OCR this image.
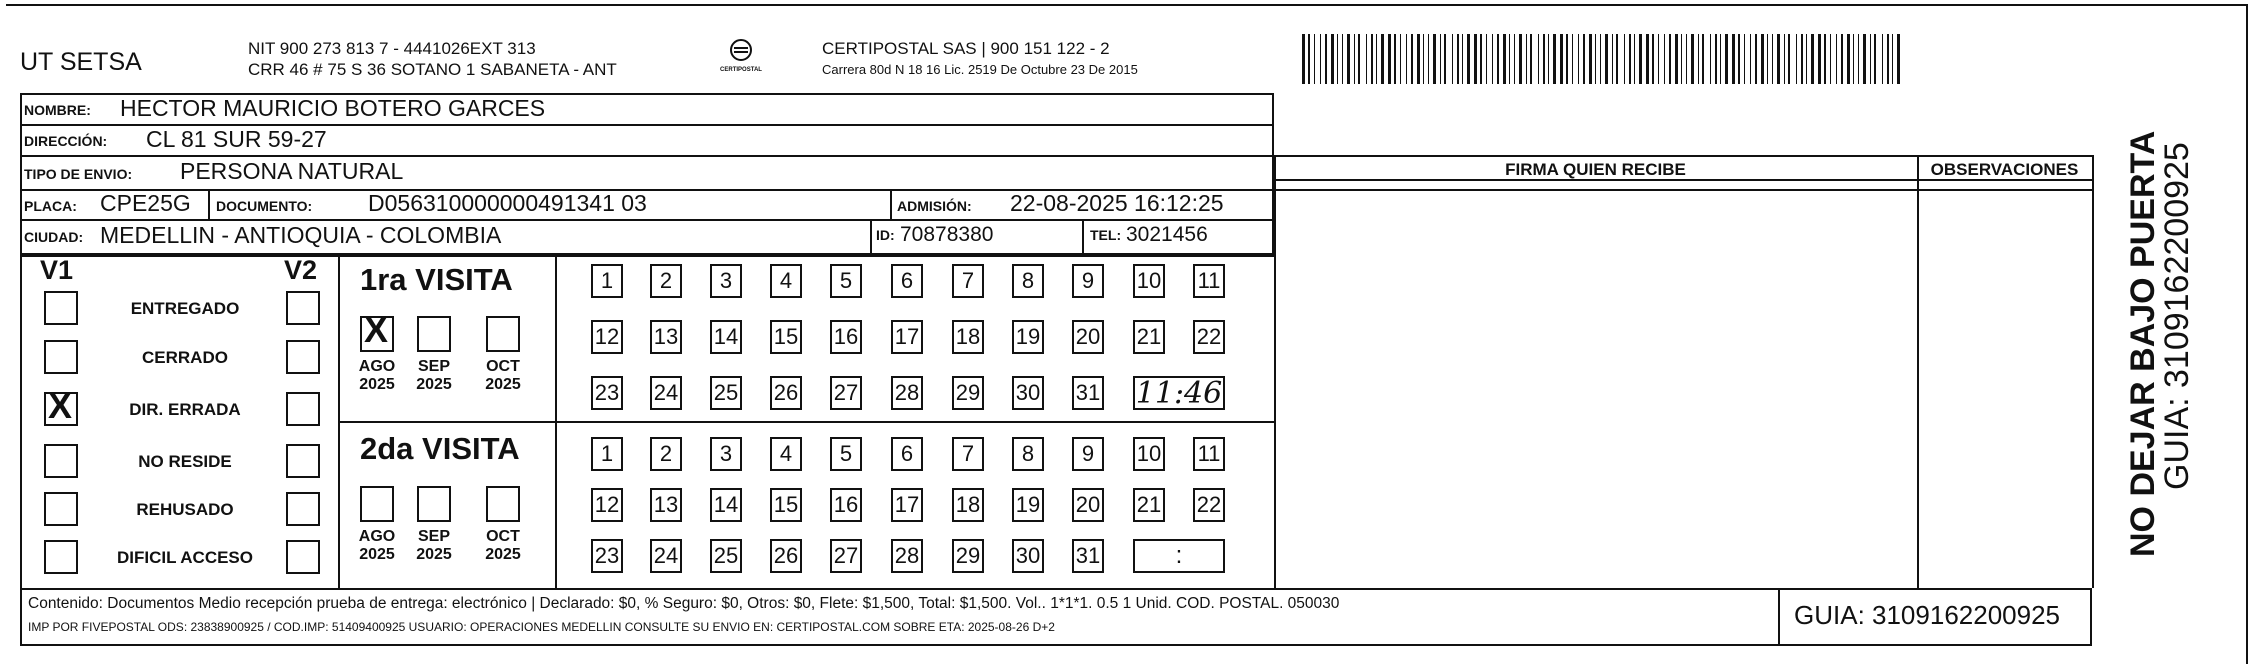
UT SETSA	NIT 900 273 813 7 - 4441026EXT 313
CRR 46 # 75 S 36 SOTANO 1 SABANETA - ANT	CERTIPOSTAL
CERTIPOSTAL SAS | 900 151 122 - 2
Carrera 80d N 18 16 Lic. 2519 De Octubre 23 De 2015
NOMBRE: HECTOR MAURICIO BOTERO GARCES
DIRECCIÓN: CL 81 SUR 59-27
TIPO DE ENVIO: PERSONA NATURAL
PLACA: CPE25G DOCUMENTO: D056310000000491341 03	ADMISIÓN: 22-08-2025 16:12:25
CIUDAD: MEDELLIN - ANTIOQUIA - COLOMBIA	ID: 70878380	TEL: 3021456
FIRMA QUIEN RECIBE	OBSERVACIONES
V1	V2
ENTREGADO
CERRADO
X	DIR. ERRADA
NO RESIDE
REHUSADO
DIFICIL ACCESO
1ra VISITA
X
AGO
2025
SEP
2025
OCT
2025
1	2	3	4	5	6	7	8	9	10 11
12 13 14 15 16 17 18 19 20 21 22
23 24 25 26 27 28 29 30 31 11:46
2da VISITA
AGO
2025
SEP
2025
OCT
2025
1	2	3	4	5	6	7	8	9	10 11
12 13 14 15 16 17 18 19 20 21 22
23 24 25 26 27 28 29 30 31	:
Contenido: Documentos Medio recepción prueba de entrega: electrónico | Declarado: $0, % Seguro: $0, Otros: $0, Flete: $1,500, Total: $1,500. Vol.. 1*1*1. 0.5 1 Unid. COD. POSTAL. 050030
IMP POR FIVEPOSTAL ODS: 23838900925 / COD.IMP: 51409400925 USUARIO: OPERACIONES MEDELLIN CONSULTE SU ENVIO EN: CERTIPOSTAL.COM SOBRE ETA: 2025-08-26 D+2	GUIA: 3109162200925
NO DEJAR BAJO PUERTA
GUIA: 3109162200925
